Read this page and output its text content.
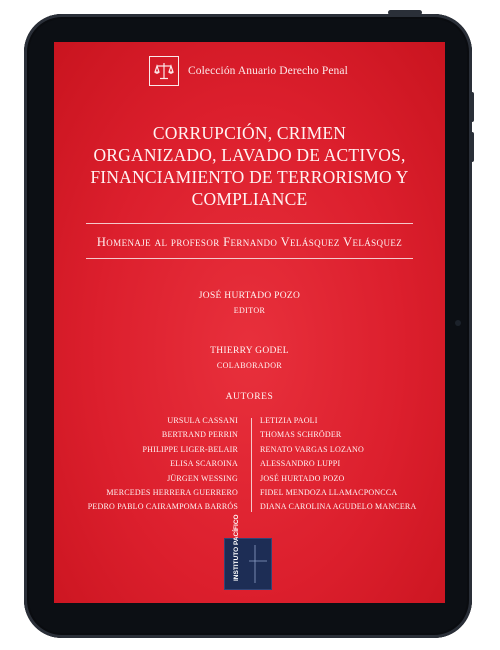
Colección Anuario Derecho Penal
CORRUPCIÓN, CRIMEN
ORGANIZADO, LAVADO DE ACTIVOS,
FINANCIAMIENTO DE TERRORISMO Y
COMPLIANCE
Homenaje al profesor Fernando Velásquez Velásquez
JOSÉ HURTADO POZO
EDITOR
THIERRY GODEL
COLABORADOR
AUTORES
URSULA CASSANI
BERTRAND PERRIN
PHILIPPE LIGER-BELAIR
ELISA SCAROINA
JÜRGEN WESSING
MERCEDES HERRERA GUERRERO
PEDRO PABLO CAIRAMPOMA BARRÓS
LETIZIA PAOLI
THOMAS SCHRÖDER
RENATO VARGAS LOZANO
ALESSANDRO LUPPI
JOSÉ HURTADO POZO
FIDEL MENDOZA LLAMACPONCCA
DIANA CAROLINA AGUDELO MANCERA
INSTITUTO PACÍFICO
